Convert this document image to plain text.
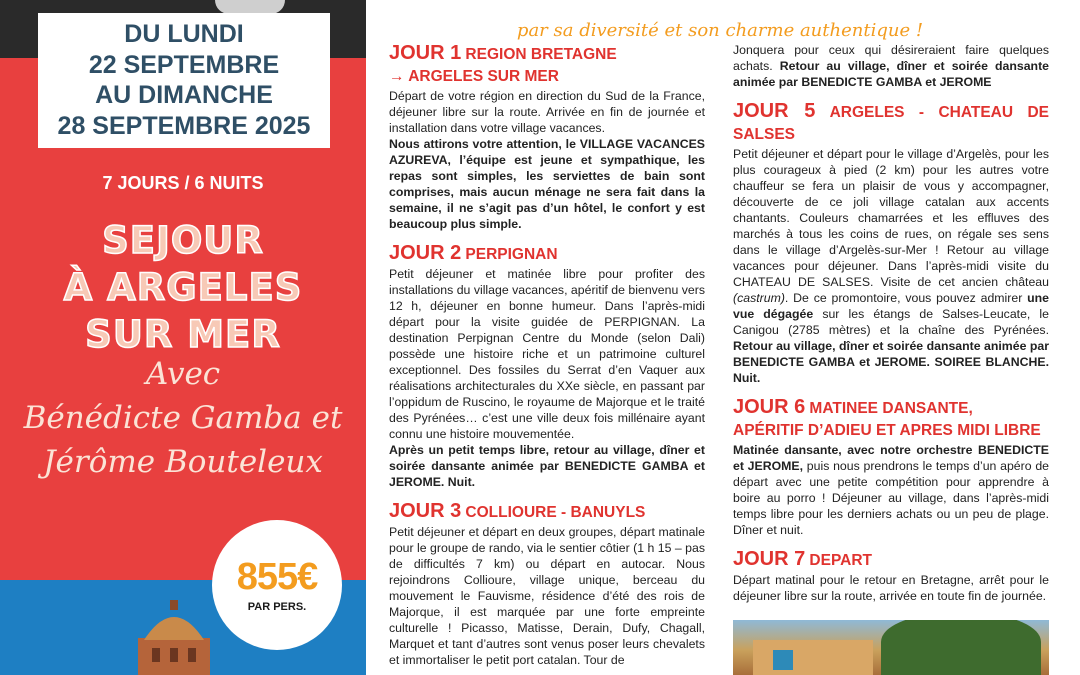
DU LUNDI
22 SEPTEMBRE
AU DIMANCHE
28 SEPTEMBRE 2025
7 JOURS / 6 NUITS
SEJOUR
À ARGELES
SUR MER
Avec
Bénédicte Gamba et
Jérôme Bouteleux
855€
PAR PERS.
par sa diversité et son charme authentique !

JOUR 1 REGION BRETAGNE

→ ARGELES SUR MER

Départ de votre région en direction du Sud de la France, déjeuner libre sur la route. Arrivée en fin de journée et installation dans votre village vacances.

Nous attirons votre attention, le VILLAGE VACANCES AZUREVA, l’équipe est jeune et sympathique, les repas sont simples, les serviettes de bain sont comprises, mais aucun ménage ne sera fait dans la semaine, il ne s’agit pas d’un hôtel, le confort y est beaucoup plus simple.

JOUR 2 PERPIGNAN

Petit déjeuner et matinée libre pour profiter des installations du village vacances, apéritif de bienvenu vers 12 h, déjeuner en bonne humeur. Dans l’après-midi départ pour la visite guidée de PERPIGNAN. La destination Perpignan Centre du Monde (selon Dali) possède une histoire riche et un patrimoine culturel exceptionnel. Des fossiles du Serrat d’en Vaquer aux réalisations architecturales du XXe siècle, en passant par l’oppidum de Ruscino, le royaume de Majorque et le traité des Pyrénées… c’est une ville deux fois millénaire ayant connu une histoire mouvementée.

Après un petit temps libre, retour au village, dîner et soirée dansante animée par BENEDICTE GAMBA et JEROME. Nuit.

JOUR 3 COLLIOURE - BANUYLS

Petit déjeuner et départ en deux groupes, départ matinale pour le groupe de rando, via le sentier côtier (1 h 15 – pas de difficultés 7 km) ou départ en autocar. Nous rejoindrons Collioure, village unique, berceau du mouvement le Fauvisme, résidence d’été des rois de Majorque, il est marquée par une forte empreinte culturelle ! Picasso, Matisse, Derain, Dufy, Chagall, Marquet et tant d’autres sont venus poser leurs chevalets et immortaliser le petit port catalan. Tour de

Jonquera pour ceux qui désireraient faire quelques achats. Retour au village, dîner et soirée dansante animée par BENEDICTE GAMBA et JEROME

JOUR 5 ARGELES - CHATEAU DE SALSES

Petit déjeuner et départ pour le village d’Argelès, pour les plus courageux à pied (2 km) pour les autres votre chauffeur se fera un plaisir de vous y accompagner, découverte de ce joli village catalan aux accents chantants. Couleurs chamarrées et les effluves des marchés à tous les coins de rues, on régale ses sens dans le village d’Argelès-sur-Mer ! Retour au village vacances pour déjeuner. Dans l’après-midi visite du CHATEAU DE SALSES. Visite de cet ancien château (castrum). De ce promontoire, vous pouvez admirer une vue dégagée sur les étangs de Salses-Leucate, le Canigou (2785 mètres) et la chaîne des Pyrénées. Retour au village, dîner et soirée dansante animée par BENEDICTE GAMBA et JEROME. SOIREE BLANCHE. Nuit.

JOUR 6 MATINEE DANSANTE,

APÉRITIF D’ADIEU ET APRES MIDI LIBRE

Matinée dansante, avec notre orchestre BENEDICTE et JEROME, puis nous prendrons le temps d’un apéro de départ avec une petite compétition pour apprendre à boire au porro ! Déjeuner au village, dans l’après-midi temps libre pour les derniers achats ou un peu de plage. Dîner et nuit.

JOUR 7 DEPART

Départ matinal pour le retour en Bretagne, arrêt pour le déjeuner libre sur la route, arrivée en toute fin de journée.
